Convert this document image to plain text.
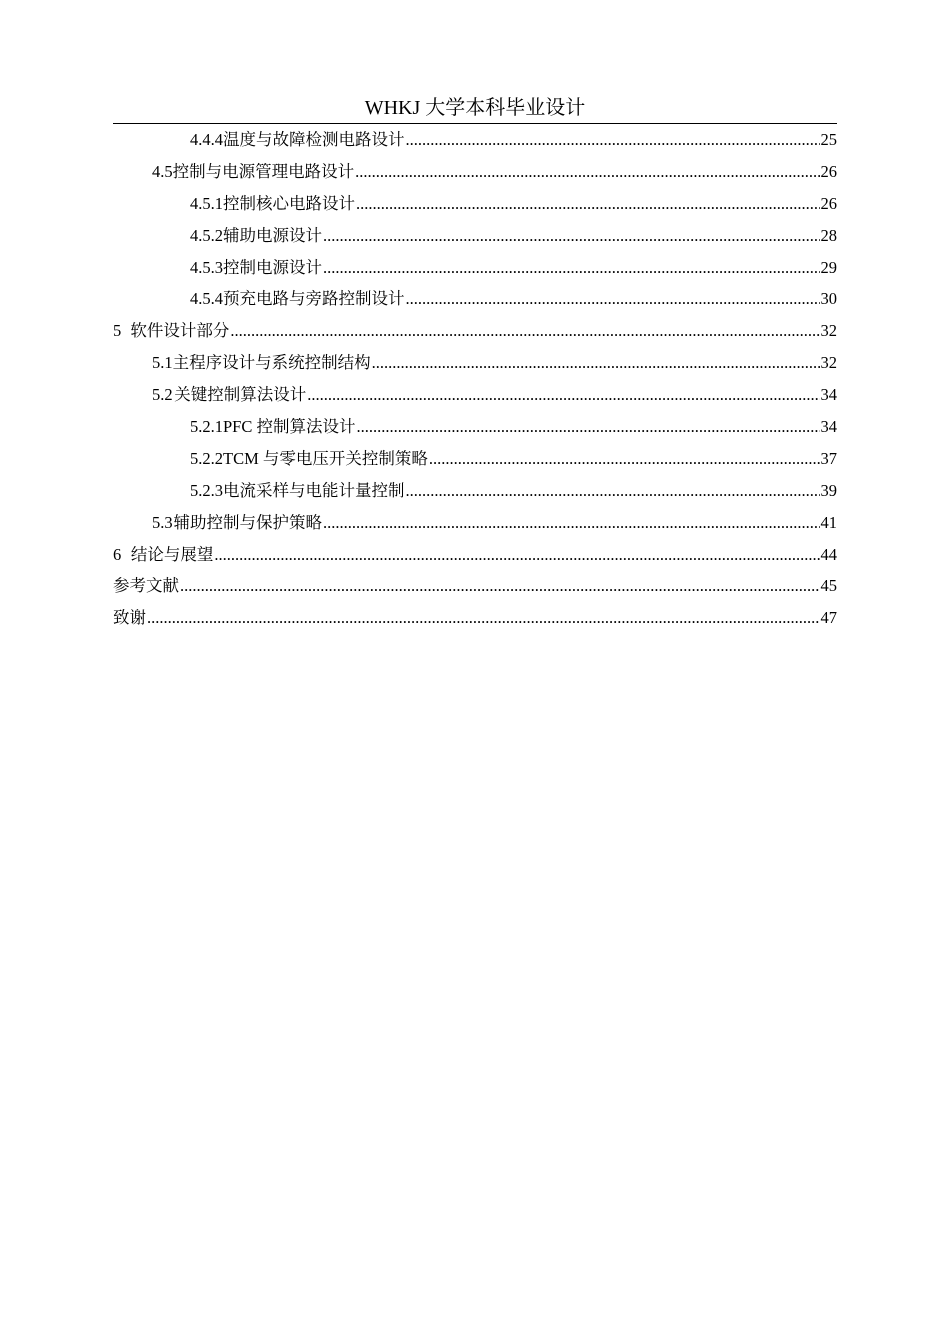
WHKJ 大学本科毕业设计
4.4.4 温度与故障检测电路设计 .....	25
4.5 控制与电源管理电路设计 .....	26
4.5.1 控制核心电路设计 .....	26
4.5.2 辅助电源设计 .....	28
4.5.3 控制电源设计 .....	29
4.5.4 预充电路与旁路控制设计 .....	30
5 软件设计部分 .....	32
5.1 主程序设计与系统控制结构 .....	32
5.2 关键控制算法设计 .....	34
5.2.1 PFC 控制算法设计 .....	34
5.2.2 TCM 与零电压开关控制策略 .....	37
5.2.3 电流采样与电能计量控制 .....	39
5.3 辅助控制与保护策略 .....	41
6 结论与展望 .....	44
参考文献 .....	45
致谢 .....	47
